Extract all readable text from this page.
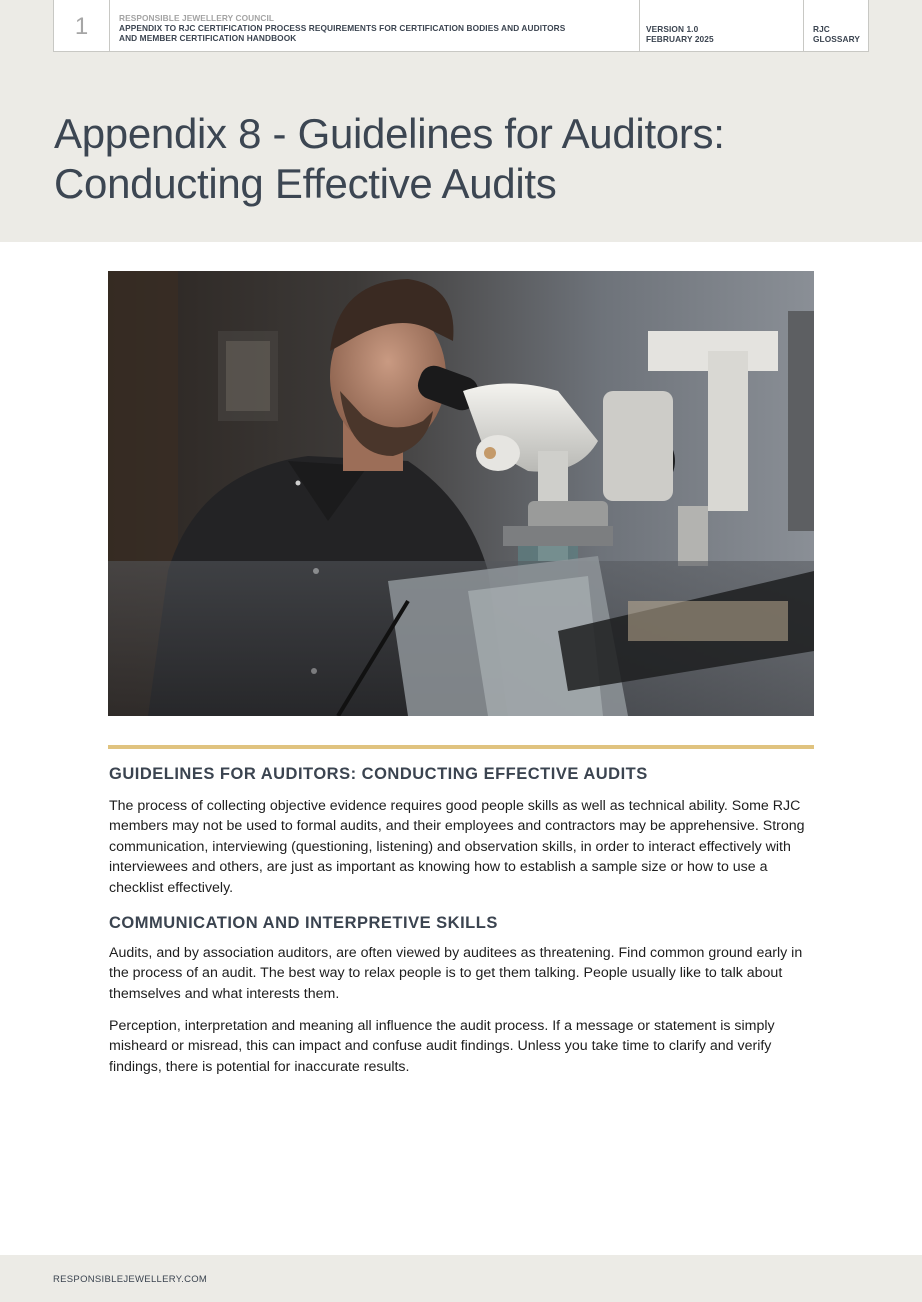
1	RESPONSIBLE JEWELLERY COUNCIL
APPENDIX TO RJC CERTIFICATION PROCESS REQUIREMENTS FOR CERTIFICATION BODIES AND AUDITORS
AND MEMBER CERTIFICATION HANDBOOK
VERSION 1.0
FEBRUARY 2025
RJC
GLOSSARY
Appendix 8 - Guidelines for Auditors:
Conducting Effective Audits
GUIDELINES FOR AUDITORS: CONDUCTING EFFECTIVE AUDITS

The process of collecting objective evidence requires good people skills as well as technical ability. Some RJC members may not be used to formal audits, and their employees and contractors may be apprehensive. Strong communication, interviewing (questioning, listening) and observation skills, in order to interact effectively with interviewees and others, are just as important as knowing how to establish a sample size or how to use a checklist effectively.

COMMUNICATION AND INTERPRETIVE SKILLS

Audits, and by association auditors, are often viewed by auditees as threatening. Find common ground early in the process of an audit. The best way to relax people is to get them talking. People usually like to talk about themselves and what interests them.

Perception, interpretation and meaning all influence the audit process. If a message or statement is simply misheard or misread, this can impact and confuse audit findings. Unless you take time to clarify and verify findings, there is potential for inaccurate results.

RESPONSIBLEJEWELLERY.COM
